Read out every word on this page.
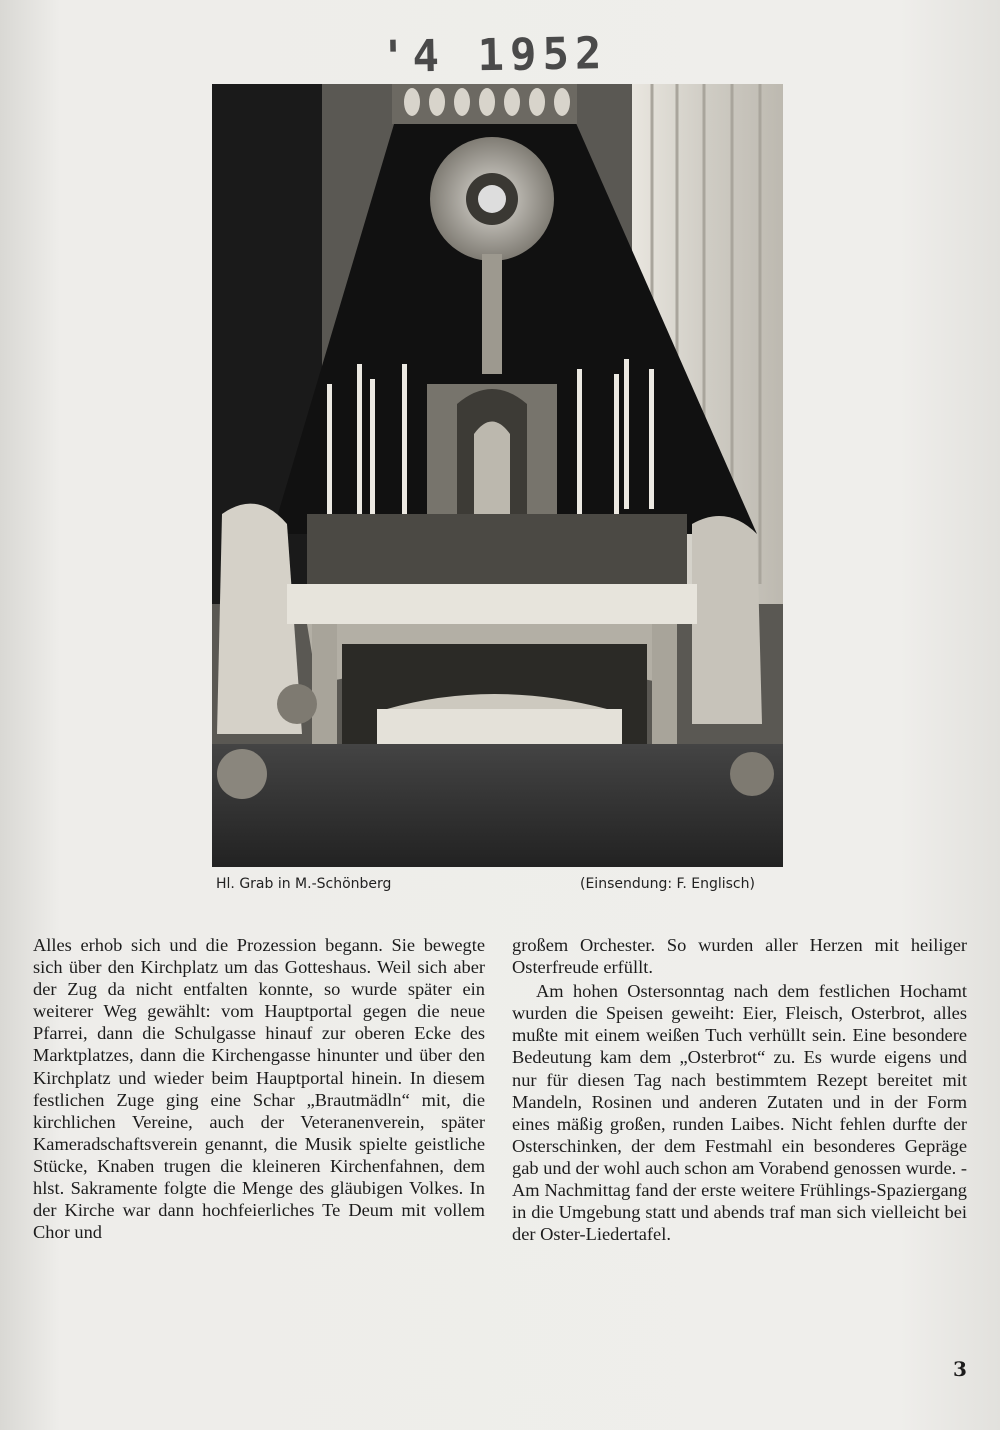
'4 1952
Hl. Grab in M.-Schönberg	(Einsendung: F. Englisch)

Alles erhob sich und die Prozession begann. Sie bewegte sich über den Kirchplatz um das Gotteshaus. Weil sich aber der Zug da nicht entfalten konnte, so wurde später ein weiterer Weg gewählt: vom Hauptportal gegen die neue Pfarrei, dann die Schulgasse hinauf zur oberen Ecke des Marktplatzes, dann die Kirchengasse hinunter und über den Kirchplatz und wieder beim Hauptportal hinein. In diesem festlichen Zuge ging eine Schar „Brautmädln“ mit, die kirchlichen Vereine, auch der Veteranenverein, später Kameradschaftsverein genannt, die Musik spielte geistliche Stücke, Knaben trugen die kleineren Kirchenfahnen, dem hlst. Sakramente folgte die Menge des gläubigen Volkes. In der Kirche war dann hochfeierliches Te Deum mit vollem Chor und

großem Orchester. So wurden aller Herzen mit heiliger Osterfreude erfüllt.

Am hohen Ostersonntag nach dem festlichen Hochamt wurden die Speisen geweiht: Eier, Fleisch, Osterbrot, alles mußte mit einem weißen Tuch verhüllt sein. Eine besondere Bedeutung kam dem „Osterbrot“ zu. Es wurde eigens und nur für diesen Tag nach bestimmtem Rezept bereitet mit Mandeln, Rosinen und anderen Zutaten und in der Form eines mäßig großen, runden Laibes. Nicht fehlen durfte der Osterschinken, der dem Festmahl ein besonderes Gepräge gab und der wohl auch schon am Vorabend genossen wurde. - Am Nachmittag fand der erste weitere Frühlings-Spaziergang in die Umgebung statt und abends traf man sich vielleicht bei der Oster-Liedertafel.

3
